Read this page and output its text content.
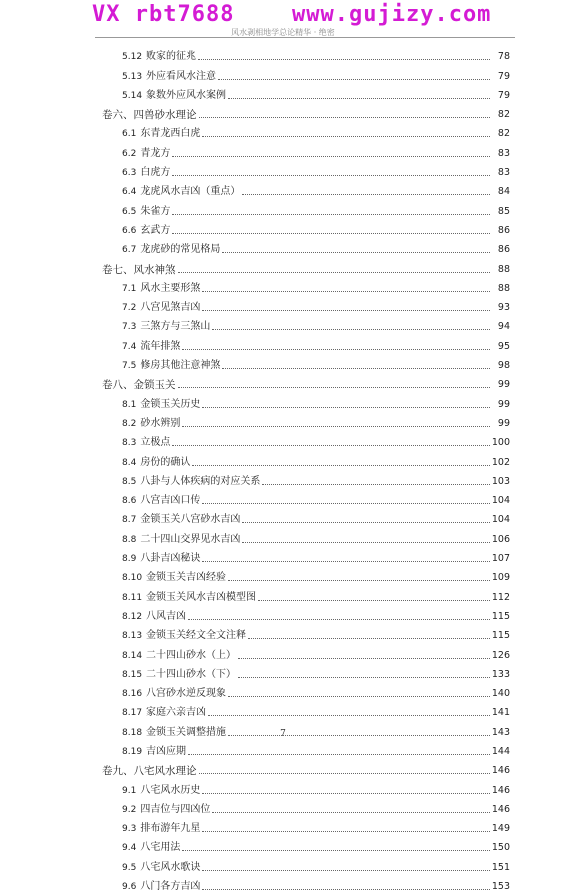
VX rbt7688	www.gujizy.com
风水剥相地学总论精华 · 绝密
5.12 败家的征兆	78
5.13 外应看风水注意	79
5.14 象数外应风水案例	79
卷六、四兽砂水理论	82
6.1 东青龙西白虎	82
6.2 青龙方	83
6.3 白虎方	83
6.4 龙虎风水吉凶（重点）	84
6.5 朱雀方	85
6.6 玄武方	86
6.7 龙虎砂的常见格局	86
卷七、风水神煞	88
7.1 风水主要形煞	88
7.2 八宫见煞吉凶	93
7.3 三煞方与三煞山	94
7.4 流年排煞	95
7.5 修房其他注意神煞	98
卷八、金锁玉关	99
8.1 金锁玉关历史	99
8.2 砂水辨别	99
8.3 立极点	100
8.4 房份的确认	102
8.5 八卦与人体疾病的对应关系	103
8.6 八宫吉凶口传	104
8.7 金锁玉关八宫砂水吉凶	104
8.8 二十四山交界见水吉凶	106
8.9 八卦吉凶秘诀	107
8.10 金锁玉关吉凶经验	109
8.11 金锁玉关风水吉凶模型图	112
8.12 八风吉凶	115
8.13 金锁玉关经文全文注释	115
8.14 二十四山砂水（上）	126
8.15 二十四山砂水（下）	133
8.16 八宫砂水逆反现象	140
8.17 家庭六亲吉凶	141
8.18 金锁玉关调整措施	143
8.19 吉凶应期	144
卷九、八宅风水理论	146
9.1 八宅风水历史	146
9.2 四吉位与四凶位	146
9.3 排布游年九星	149
9.4 八宅用法	150
9.5 八宅风水歌诀	151
9.6 八门各方吉凶	153
7
